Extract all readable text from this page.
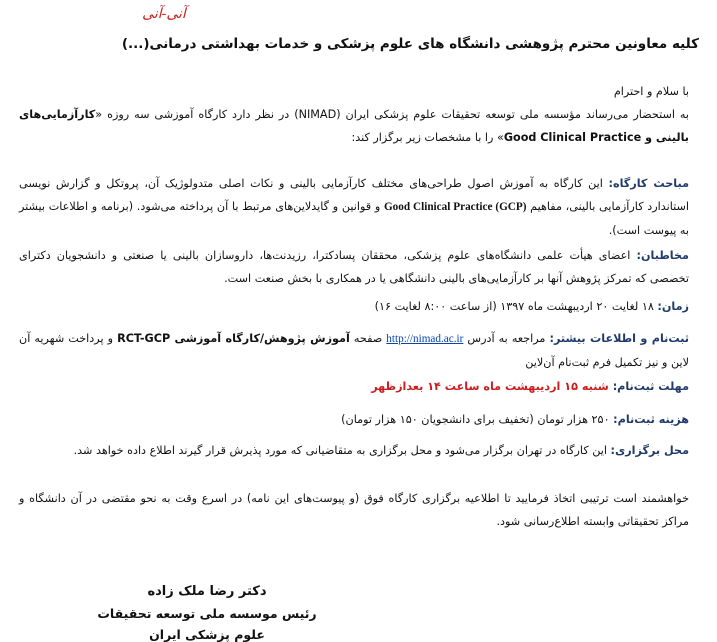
آنی-آنی
کلیه معاونین محترم پژوهشی دانشگاه های علوم پزشکی و خدمات بهداشتی درمانی(...)
با سلام و احترام
به استحضار می‌رساند مؤسسه ملی توسعه تحقیقات علوم پزشکی ایران (NIMAD) در نظر دارد کارگاه آموزشی سه روزه «کارآزمایی‌های بالینی و Good Clinical Practice» را با مشخصات زیر برگزار کند:
مباحث کارگاه: این کارگاه به آموزش اصول طراحی‌های مختلف کارآزمایی بالینی و نکات اصلی متدولوژیک آن، پروتکل و گزارش نویسی استاندارد کارآزمایی بالینی، مفاهیم Good Clinical Practice (GCP) و قوانین و گایدلاین‌های مرتبط با آن پرداخته می‌شود. (برنامه و اطلاعات بیشتر به پیوست است).
مخاطبان: اعضای هیأت علمی دانشگاه‌های علوم پزشکی، محققان پسادکترا، رزیدنت‌ها، داروسازان بالینی یا صنعتی و دانشجویان دکترای تخصصی که تمرکز پژوهش آنها بر کارآزمایی‌های بالینی دانشگاهی یا در همکاری با بخش صنعت است.
زمان: ۱۸ لغایت ۲۰ اردیبهشت ماه ۱۳۹۷ (از ساعت ۸:۰۰ لغایت ۱۶)
ثبت‌نام و اطلاعات بیشتر: مراجعه به آدرس http://nimad.ac.ir صفحه آموزش پژوهش/کارگاه آموزشی RCT-GCP و پرداخت شهریه آن لاین و نیز تکمیل فرم ثبت‌نام آن‌لاین
مهلت ثبت‌نام: شنبه ۱۵ اردیبهشت ماه ساعت ۱۴ بعدازظهر
هزینه ثبت‌نام: ۲۵۰ هزار تومان (تخفیف برای دانشجویان ۱۵۰ هزار تومان)
محل برگزاری: این کارگاه در تهران برگزار می‌شود و محل برگزاری به متقاضیانی که مورد پذیرش قرار گیرند اطلاع داده خواهد شد.
خواهشمند است ترتیبی اتخاذ فرمایید تا اطلاعیه برگزاری کارگاه فوق (و پیوست‌های این نامه) در اسرع وقت به نحو مقتضی در آن دانشگاه و مراکز تحقیقاتی وابسته اطلاع‌رسانی شود.
دکتر رضا ملک زاده
رئیس موسسه ملی توسعه تحقیقات
علوم پزشکی ایران
